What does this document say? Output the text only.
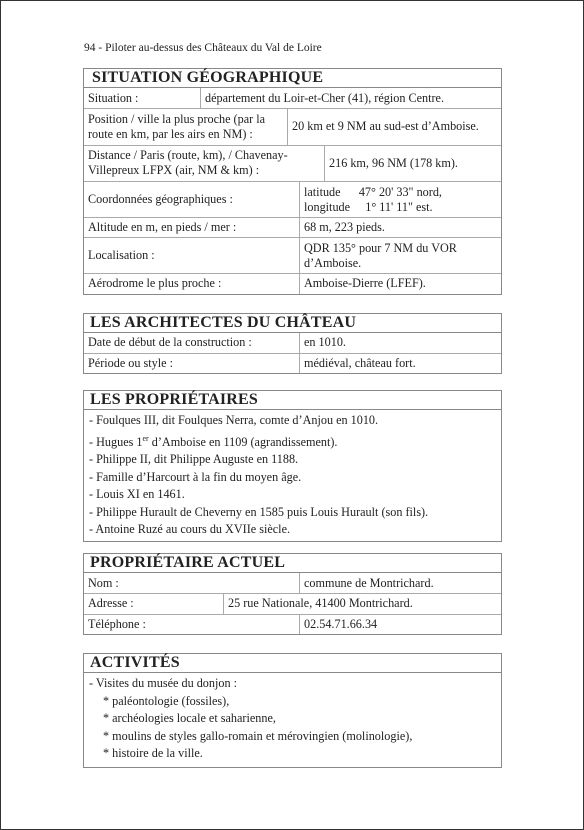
94 - Piloter au-dessus des Châteaux du Val de Loire
SITUATION GÉOGRAPHIQUE
Situation :	département du Loir-et-Cher (41), région Centre.
Position / ville la plus proche (par la route en km, par les airs en NM) :	20 km et 9 NM au sud-est d’Amboise.
Distance / Paris (route, km), / Chavenay-Villepreux LFPX (air, NM & km) :	216 km, 96 NM (178 km).
Coordonnées géographiques :	latitude      47° 20' 33" nord,
longitude     1° 11' 11" est.

Altitude en m, en pieds / mer :	68 m, 223 pieds.
Localisation :	QDR 135° pour 7 NM du VOR d’Amboise.
Aérodrome le plus proche :	Amboise-Dierre (LFEF).
LES ARCHITECTES DU CHÂTEAU
Date de début de la construction :	en 1010.
Période ou style :	médiéval, château fort.
LES PROPRIÉTAIRES
- Foulques III, dit Foulques Nerra, comte d’Anjou en 1010.
- Hugues 1er d’Amboise en 1109 (agrandissement).
- Philippe II, dit Philippe Auguste en 1188.
- Famille d’Harcourt à la fin du moyen âge.
- Louis XI en 1461.
- Philippe Hurault de Cheverny en 1585 puis Louis Hurault (son fils).
- Antoine Ruzé au cours du XVIIe siècle.
PROPRIÉTAIRE ACTUEL
Nom :	commune de Montrichard.
Adresse :	25 rue Nationale, 41400 Montrichard.
Téléphone :	02.54.71.66.34
ACTIVITÉS
- Visites du musée du donjon :
* paléontologie (fossiles),
* archéologies locale et saharienne,
* moulins de styles gallo-romain et mérovingien (molinologie),
* histoire de la ville.
